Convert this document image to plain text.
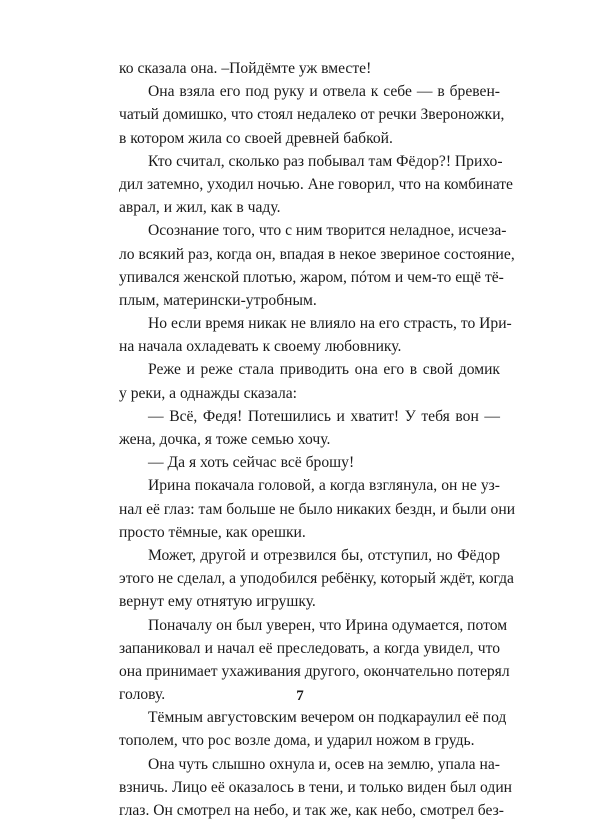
ко сказала она. –Пойдёмте уж вместе!
Она взяла его под руку и отвела к себе — в бревен-
чатый домишко, что стоял недалеко от речки Звероножки,
в котором жила со своей древней бабкой.
Кто считал, сколько раз побывал там Фёдор?! Прихо-
дил затемно, уходил ночью. Ане говорил, что на комбинате
аврал, и жил, как в чаду.
Осознание того, что с ним творится неладное, исчеза-
ло всякий раз, когда он, впадая в некое звериное состояние,
упивался женской плотью, жаром, пóтом и чем-то ещё тё-
плым, матерински-утробным.
Но если время никак не влияло на его страсть, то Ири-
на начала охладевать к своему любовнику.
Реже и реже стала приводить она его в свой домик
у реки, а однажды сказала:
— Всё, Федя! Потешились и хватит! У тебя вон —
жена, дочка, я тоже семью хочу.
— Да я хоть сейчас всё брошу!
Ирина покачала головой, а когда взглянула, он не уз-
нал её глаз: там больше не было никаких бездн, и были они
просто тёмные, как орешки.
Может, другой и отрезвился бы, отступил, но Фёдор
этого не сделал, а уподобился ребёнку, который ждёт, когда
вернут ему отнятую игрушку.
Поначалу он был уверен, что Ирина одумается, потом
запаниковал и начал её преследовать, а когда увидел, что
она принимает ухаживания другого, окончательно потерял
голову.
Тёмным августовским вечером он подкараулил её под
тополем, что рос возле дома, и ударил ножом в грудь.
Она чуть слышно охнула и, осев на землю, упала на-
взничь. Лицо её оказалось в тени, и только виден был один
глаз. Он смотрел на небо, и так же, как небо, смотрел без-
7
